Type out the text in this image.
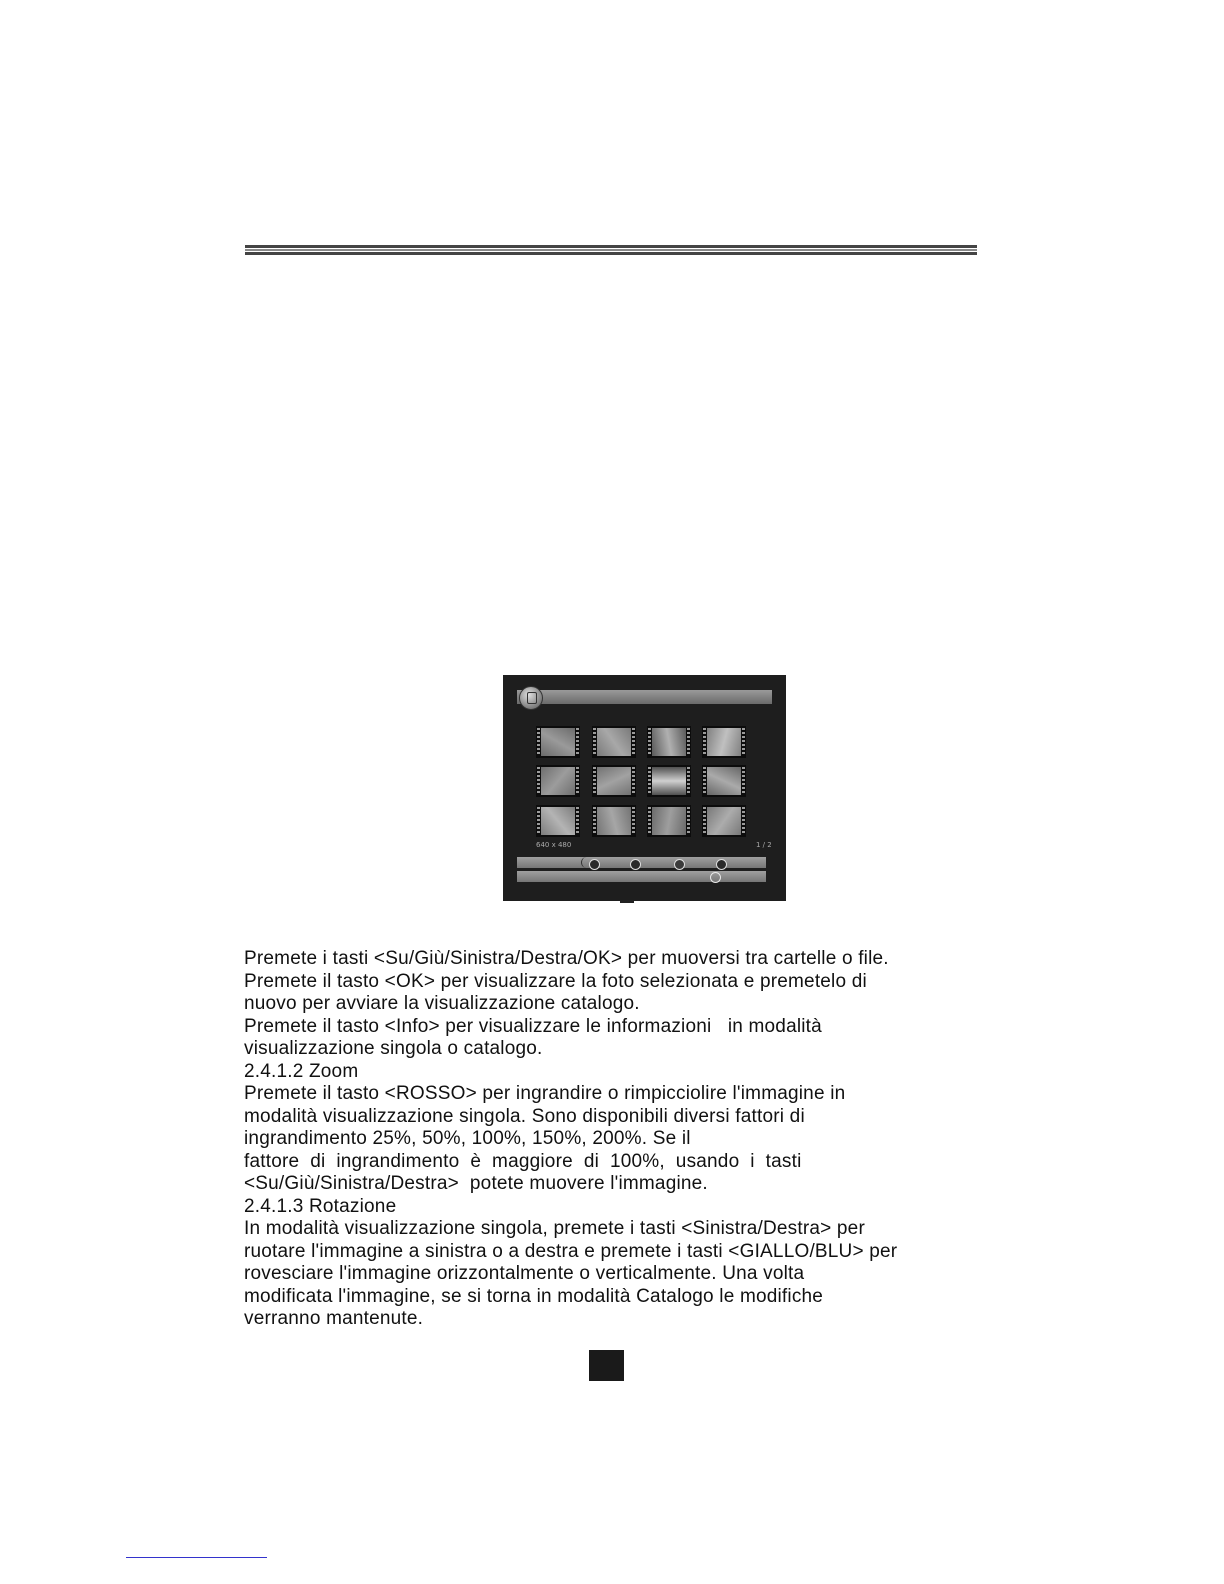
640 x 480	1 / 2

Premete i tasti <Su/Giù/Sinistra/Destra/OK> per muoversi tra cartelle o file.

Premete il tasto <OK> per visualizzare la foto selezionata e premetelo di

nuovo per avviare la visualizzazione catalogo.

Premete il tasto <Info> per visualizzare le informazioni   in modalità

visualizzazione singola o catalogo.

2.4.1.2 Zoom

Premete il tasto <ROSSO> per ingrandire o rimpicciolire l'immagine in

modalità visualizzazione singola. Sono disponibili diversi fattori di

ingrandimento 25%, 50%, 100%, 150%, 200%. Se il

fattore  di  ingrandimento  è  maggiore  di  100%,  usando  i  tasti

<Su/Giù/Sinistra/Destra>  potete muovere l'immagine.

2.4.1.3 Rotazione

In modalità visualizzazione singola, premete i tasti <Sinistra/Destra> per

ruotare l'immagine a sinistra o a destra e premete i tasti <GIALLO/BLU> per

rovesciare l'immagine orizzontalmente o verticalmente. Una volta

modificata l'immagine, se si torna in modalità Catalogo le modifiche

verranno mantenute.
